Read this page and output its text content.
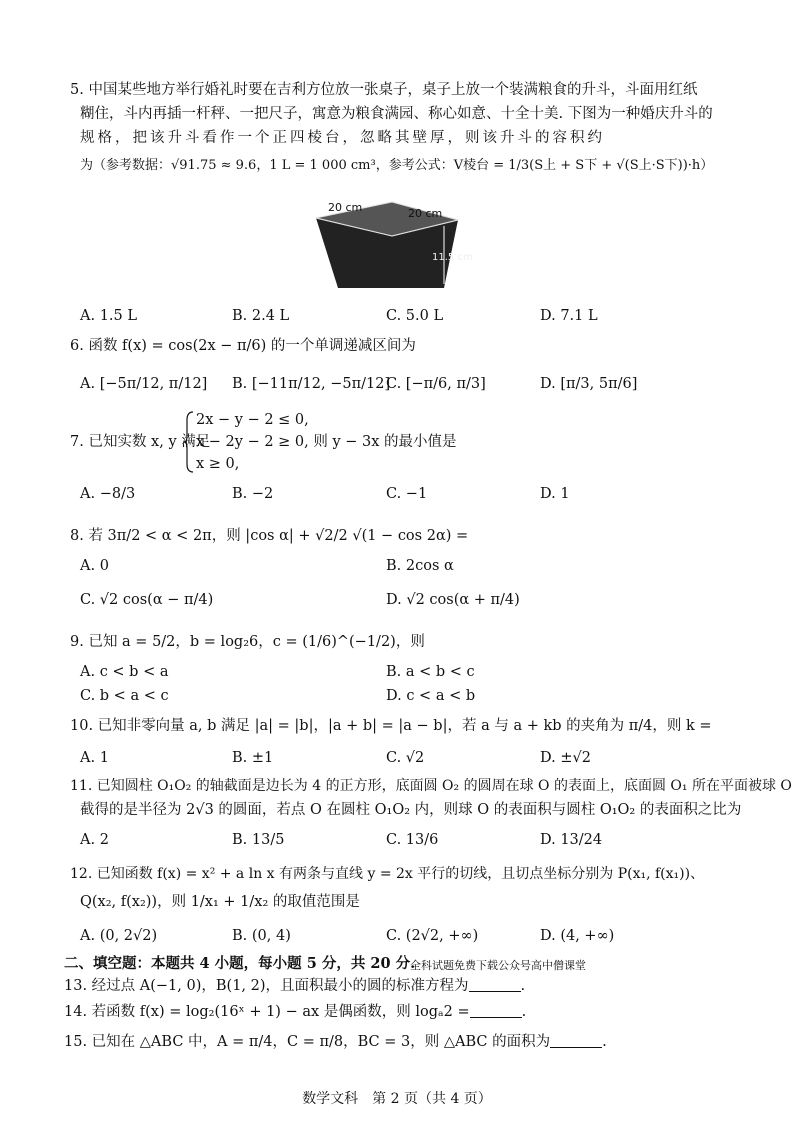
5. 中国某些地方举行婚礼时要在吉利方位放一张桌子，桌子上放一个装满粮食的升斗，斗面用红纸
糊住，斗内再插一杆秤、一把尺子，寓意为粮食满园、称心如意、十全十美. 下图为一种婚庆升斗的
规格，把该升斗看作一个正四棱台，忽略其壁厚，则该升斗的容积约
为（参考数据：√91.75 ≈ 9.6，1 L = 1 000 cm³，参考公式：V棱台 = 1/3(S上 + S下 + √(S上·S下))·h）
20 cm	20 cm
11.5 cm
A. 1.5 L	B. 2.4 L	C. 5.0 L	D. 7.1 L
6. 函数 f(x) = cos(2x − π/6) 的一个单调递减区间为
A. [−5π/12, π/12] B. [−11π/12, −5π/12]
C. [−π/6, π/3]	D. [π/3, 5π/6]
2x − y − 2 ≤ 0,
7. 已知实数 x, y 满足
x − 2y − 2 ≥ 0, 则 y − 3x 的最小值是
x ≥ 0,
A. −8/3	B. −2	C. −1	D. 1
8. 若 3π/2 < α < 2π，则 |cos α| + √2/2 √(1 − cos 2α) =
A. 0	B. 2cos α
C. √2 cos(α − π/4)	D. √2 cos(α + π/4)
9. 已知 a = 5/2，b = log₂6，c = (1/6)^(−1/2)，则
A. c < b < a	B. a < b < c
C. b < a < c	D. c < a < b
10. 已知非零向量 a, b 满足 |a| = |b|，|a + b| = |a − b|，若 a 与 a + kb 的夹角为 π/4，则 k =
A. 1	B. ±1	C. √2	D. ±√2
11. 已知圆柱 O₁O₂ 的轴截面是边长为 4 的正方形，底面圆 O₂ 的圆周在球 O 的表面上，底面圆 O₁ 所在平面被球 O
截得的是半径为 2√3 的圆面，若点 O 在圆柱 O₁O₂ 内，则球 O 的表面积与圆柱 O₁O₂ 的表面积之比为
A. 2	B. 13/5	C. 13/6	D. 13/24
12. 已知函数 f(x) = x² + a ln x 有两条与直线 y = 2x 平行的切线，且切点坐标分别为 P(x₁, f(x₁))、
Q(x₂, f(x₂))，则 1/x₁ + 1/x₂ 的取值范围是
A. (0, 2√2)	B. (0, 4)	C. (2√2, +∞)	D. (4, +∞)
二、填空题：本题共 4 小题，每小题 5 分，共 20 分.
全科试题免费下载公众号高中僧课堂
13. 经过点 A(−1, 0)，B(1, 2)，且面积最小的圆的标准方程为	.
14. 若函数 f(x) = log₂(16ˣ + 1) − ax 是偶函数，则 logₐ2 =	.
15. 已知在 △ABC 中，A = π/4，C = π/8，BC = 3，则 △ABC 的面积为	.
数学文科　第 2 页（共 4 页）
